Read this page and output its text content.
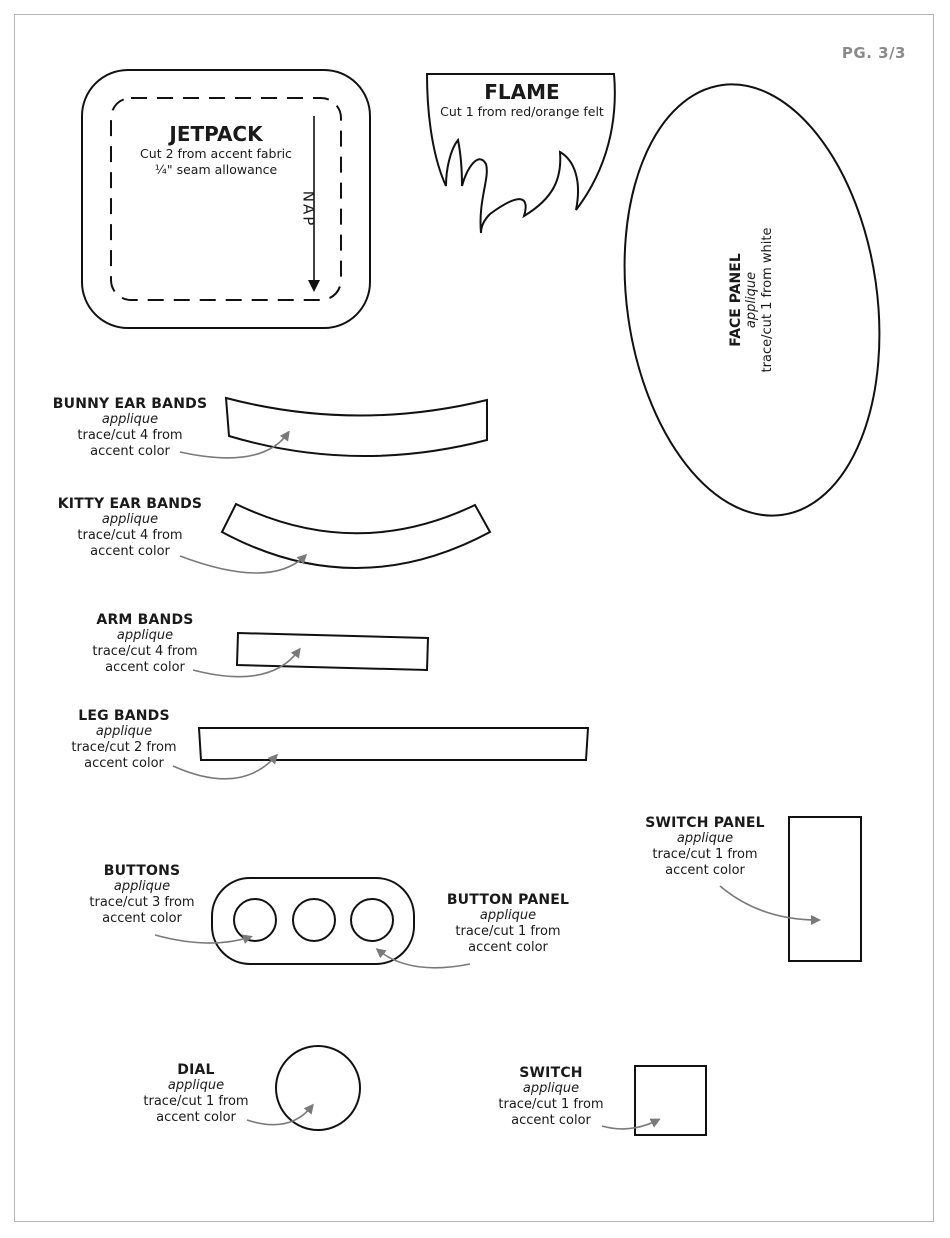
PG. 3/3
JETPACK
Cut 2 from accent fabric
¼" seam allowance
NAP
FLAME
Cut 1 from red/orange felt
FACE PANEL applique trace/cut 1 from white
BUNNY EAR BANDS
applique
trace/cut 4 from
accent color
KITTY EAR BANDS
applique
trace/cut 4 from
accent color
ARM BANDS
applique
trace/cut 4 from
accent color
LEG BANDS
applique
trace/cut 2 from
accent color
BUTTONS
applique
trace/cut 3 from
accent color
BUTTON PANEL
applique
trace/cut 1 from
accent color
SWITCH PANEL
applique
trace/cut 1 from
accent color
DIAL
applique
trace/cut 1 from
accent color
SWITCH
applique
trace/cut 1 from
accent color
